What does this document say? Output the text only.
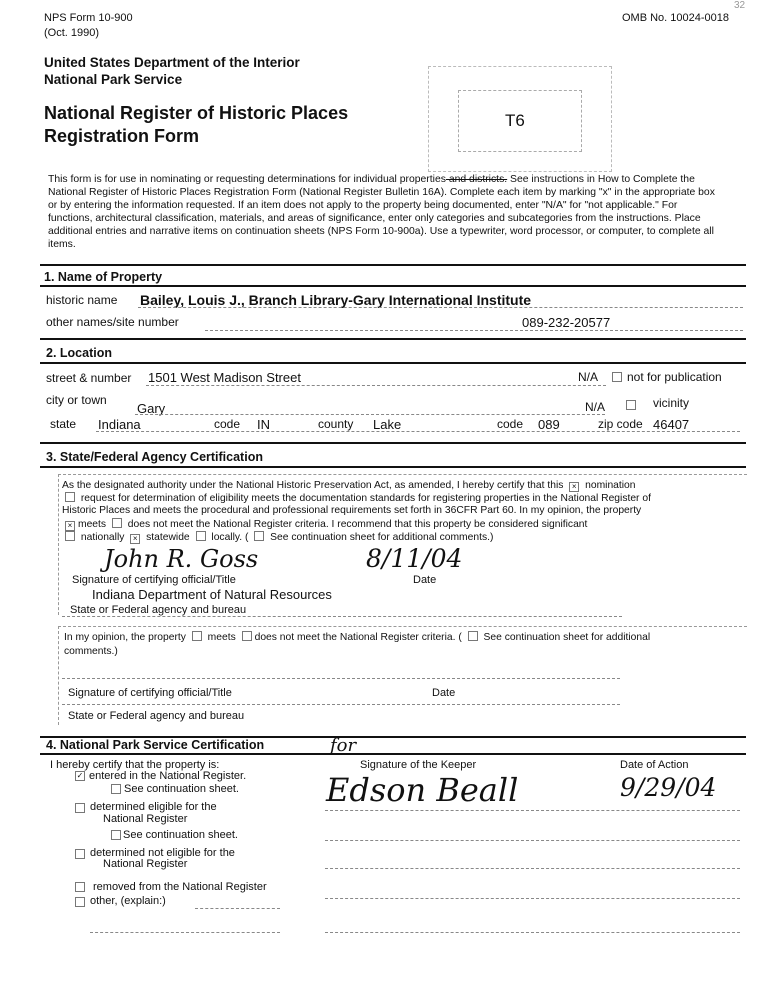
NPS Form 10-900
(Oct. 1990)
OMB No. 10024-0018
32
United States Department of the Interior
National Park Service
National Register of Historic Places
Registration Form
T6
This form is for use in nominating or requesting determinations for individual properties and districts. See instructions in How to Complete the National Register of Historic Places Registration Form (National Register Bulletin 16A). Complete each item by marking "x" in the appropriate box or by entering the information requested. If an item does not apply to the property being documented, enter "N/A" for "not applicable." For functions, architectural classification, materials, and areas of significance, enter only categories and subcategories from the instructions. Place additional entries and narrative items on continuation sheets (NPS Form 10-900a). Use a typewriter, word processor, or computer, to complete all items.
1. Name of Property
historic name Bailey, Louis J., Branch Library-Gary International Institute
other names/site number	089-232-20577
2. Location
street & number 1501 West Madison Street	N/A not for publication
city or town
Gary	N/A	vicinity
state Indiana	code IN	county Lake	code 089	zip code 46407
3. State/Federal Agency Certification
As the designated authority under the National Historic Preservation Act, as amended, I hereby certify that this × nomination
request for determination of eligibility meets the documentation standards for registering properties in the National Register of
Historic Places and meets the procedural and professional requirements set forth in 36CFR Part 60. In my opinion, the property
× meets does not meet the National Register criteria. I recommend that this property be considered significant
nationally × statewide locally. (  See continuation sheet for additional comments.)
John R. Goss	8/11/04
Signature of certifying official/Title	Date
Indiana Department of Natural Resources
State or Federal agency and bureau
In my opinion, the property meets does not meet the National Register criteria. (  See continuation sheet for additional
comments.)
Signature of certifying official/Title	Date
State or Federal agency and bureau
4. National Park Service Certification
I hereby certify that the property is:
✓ entered in the National Register.
See continuation sheet.
determined eligible for the
National Register
See continuation sheet.
determined not eligible for the
National Register
removed from the National Register
other, (explain:)
for
Signature of the Keeper
Edson Beall
Date of Action
9/29/04
